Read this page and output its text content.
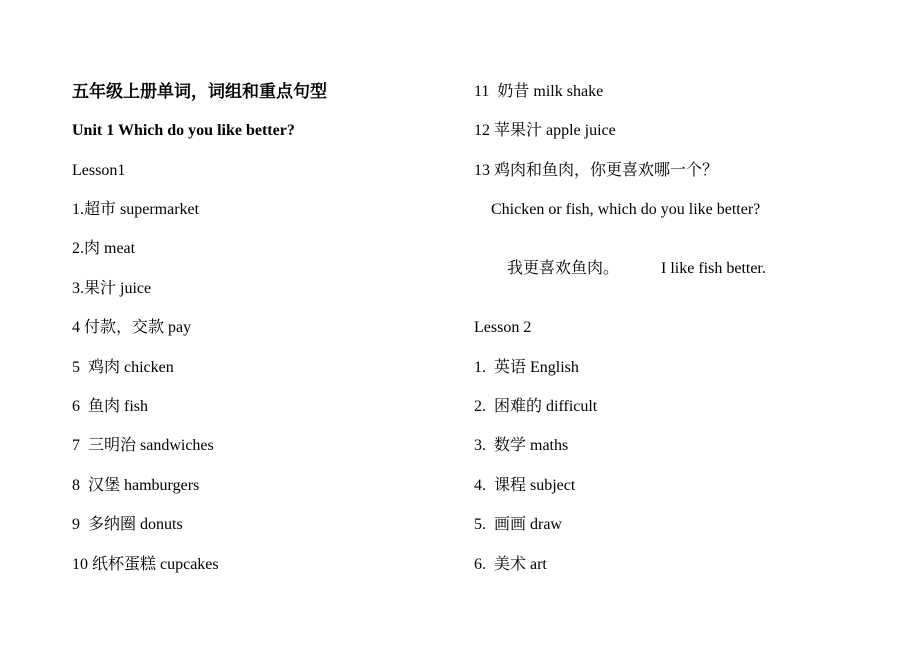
五年级上册单词，词组和重点句型
Unit 1 Which do you like better?
Lesson1
1.超市 supermarket
2.肉 meat
3.果汁 juice
4 付款，交款 pay
5  鸡肉 chicken
6  鱼肉 fish
7  三明治 sandwiches
8  汉堡 hamburgers
9  多纳圈 donuts
10 纸杯蛋糕 cupcakes
11  奶昔 milk shake
12 苹果汁 apple juice
13 鸡肉和鱼肉，你更喜欢哪一个？
Chicken or fish, which do you like better?

我更喜欢鱼肉。	I like fish better.

Lesson 2
1.  英语 English
2.  困难的 difficult
3.  数学 maths
4.  课程 subject
5.  画画 draw
6.  美术 art
